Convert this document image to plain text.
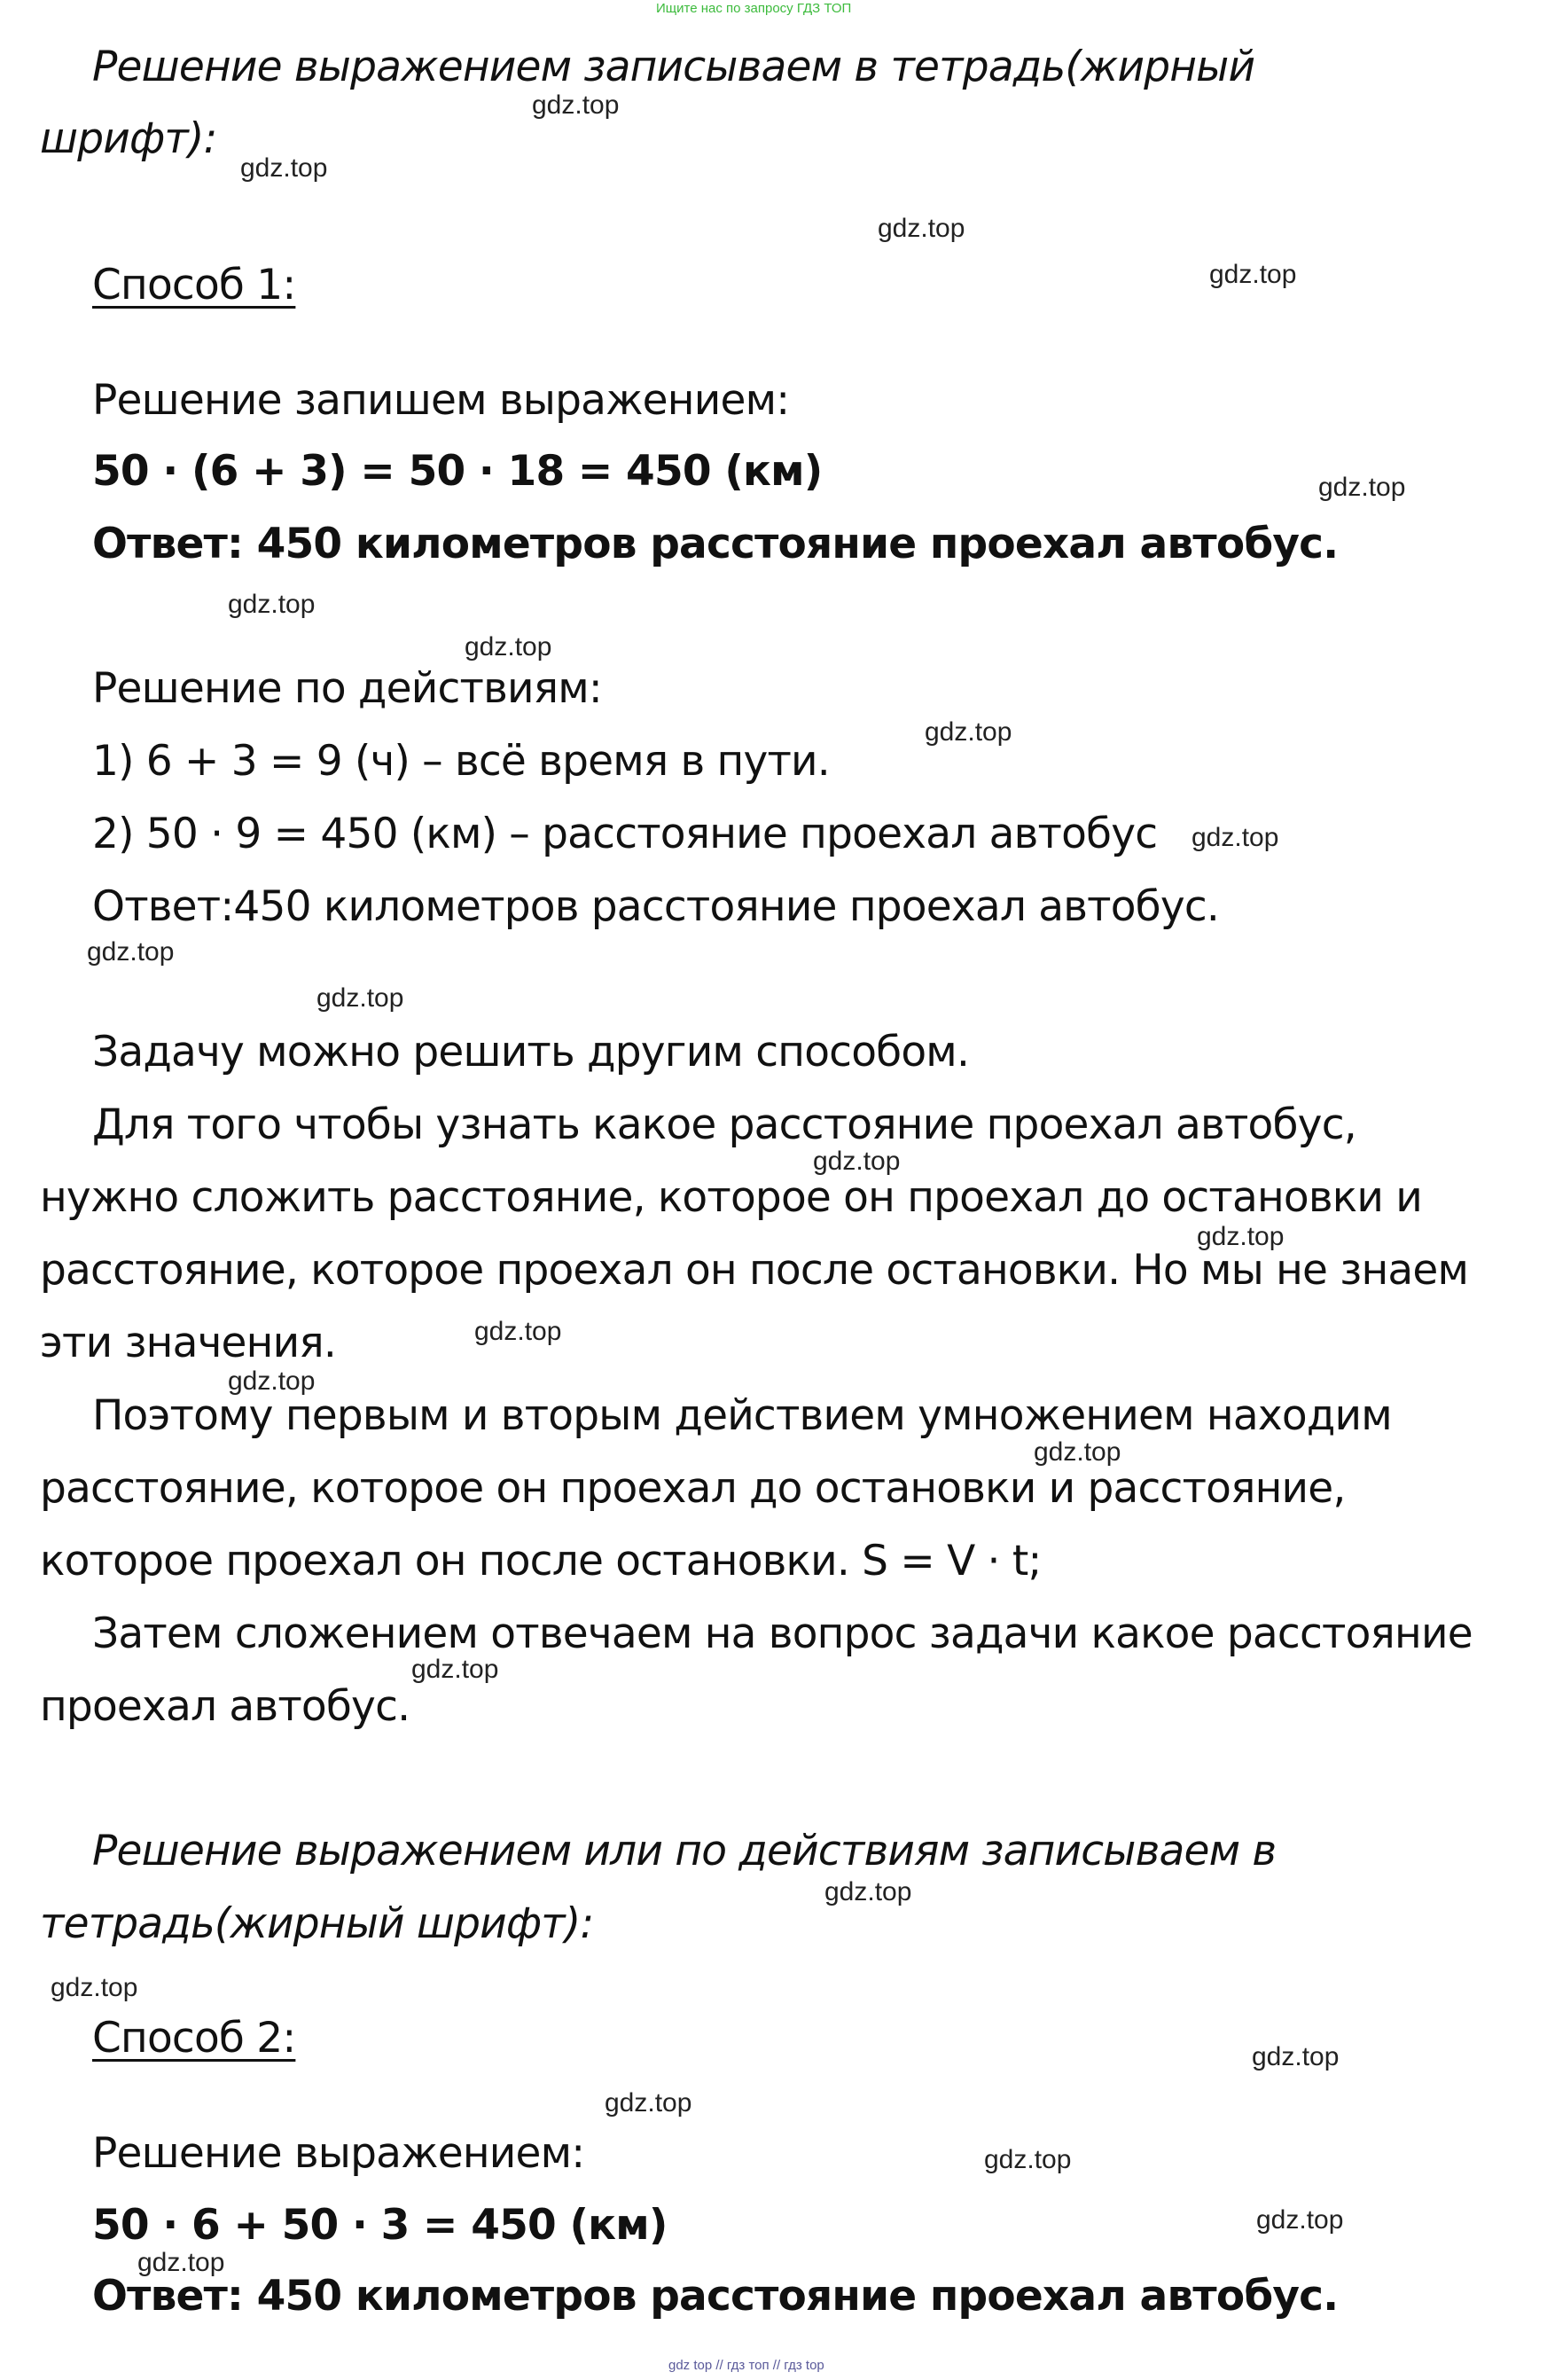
Ищите нас по запросу ГДЗ ТОП
Решение выражением записываем в тетрадь(жирный
шрифт):
Способ 1:
Решение запишем выражением:
50 · (6 + 3) = 50 · 18 = 450 (км)
Ответ: 450 километров расстояние проехал автобус.
Решение по действиям:
1) 6 + 3 = 9 (ч) – всё время в пути.
2) 50 · 9 = 450 (км) – расстояние проехал автобус
Ответ:450 километров расстояние проехал автобус.
Задачу можно решить другим способом.
Для того чтобы узнать какое расстояние проехал автобус,
нужно сложить расстояние, которое он проехал до остановки и
расстояние, которое проехал он после остановки. Но мы не знаем
эти значения.
Поэтому первым и вторым действием умножением находим
расстояние, которое он проехал до остановки и расстояние,
которое проехал он после остановки. S = V · t;
Затем сложением отвечаем на вопрос задачи какое расстояние
проехал автобус.
Решение выражением или по действиям записываем в
тетрадь(жирный шрифт):
Способ 2:
Решение выражением:
50 · 6 + 50 · 3 = 450 (км)
Ответ: 450 километров расстояние проехал автобус.
gdz.top
gdz.top
gdz.top
gdz.top
gdz.top
gdz.top
gdz.top
gdz.top
gdz.top
gdz.top
gdz.top
gdz.top
gdz.top
gdz.top
gdz.top
gdz.top
gdz.top
gdz.top
gdz.top
gdz.top
gdz.top
gdz.top
gdz.top
gdz.top
gdz top // гдз топ // гдз top
